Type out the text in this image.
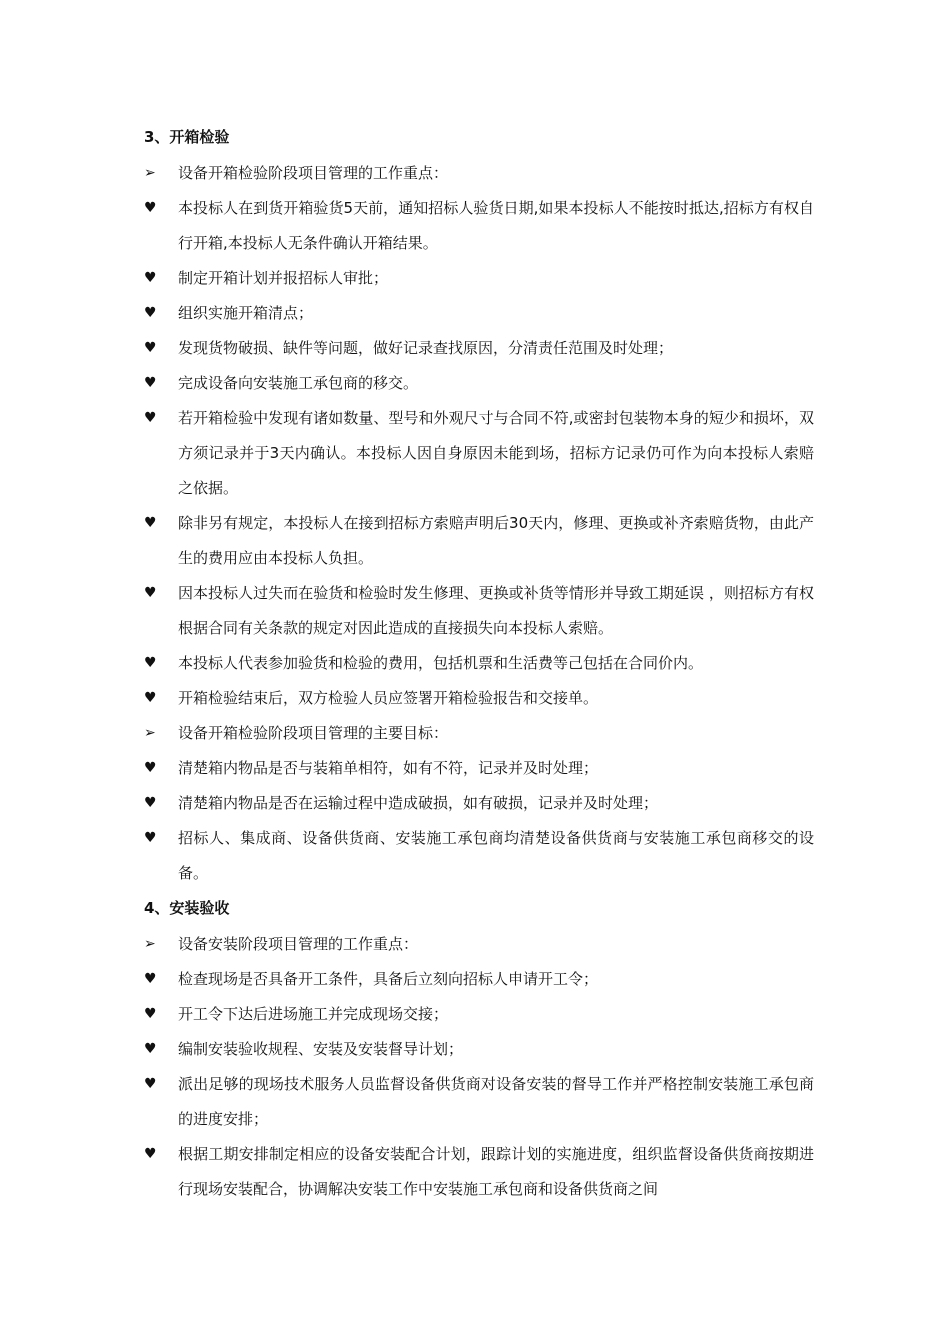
3、开箱检验
➢	设备开箱检验阶段项目管理的工作重点：
♥	本投标人在到货开箱验货5天前，通知招标人验货日期,如果本投标人不能按时抵达,招标方有权自行开箱,本投标人无条件确认开箱结果。
♥	制定开箱计划并报招标人审批；
♥	组织实施开箱清点；
♥	发现货物破损、缺件等问题，做好记录查找原因，分清责任范围及时处理；
♥	完成设备向安装施工承包商的移交。
♥	若开箱检验中发现有诸如数量、型号和外观尺寸与合同不符,或密封包装物本身的短少和损坏，双方须记录并于3天内确认。本投标人因自身原因未能到场，招标方记录仍可作为向本投标人索赔之依据。
♥	除非另有规定，本投标人在接到招标方索赔声明后30天内，修理、更换或补齐索赔货物，由此产生的费用应由本投标人负担。
♥	因本投标人过失而在验货和检验时发生修理、更换或补货等情形并导致工期延误 ，则招标方有权根据合同有关条款的规定对因此造成的直接损失向本投标人索赔。
♥	本投标人代表参加验货和检验的费用，包括机票和生活费等己包括在合同价内。
♥	开箱检验结束后，双方检验人员应签署开箱检验报告和交接单。
➢	设备开箱检验阶段项目管理的主要目标：
♥	清楚箱内物品是否与装箱单相符，如有不符，记录并及时处理；
♥	清楚箱内物品是否在运输过程中造成破损，如有破损，记录并及时处理；
♥	招标人、集成商、设备供货商、安装施工承包商均清楚设备供货商与安装施工承包商移交的设备。
4、安装验收
➢	设备安装阶段项目管理的工作重点：
♥	检查现场是否具备开工条件，具备后立刻向招标人申请开工令；
♥	开工令下达后进场施工并完成现场交接；
♥	编制安装验收规程、安装及安装督导计划；
♥	派出足够的现场技术服务人员监督设备供货商对设备安装的督导工作并严格控制安装施工承包商的进度安排；
♥	根据工期安排制定相应的设备安装配合计划，跟踪计划的实施进度，组织监督设备供货商按期进行现场安装配合，协调解决安装工作中安装施工承包商和设备供货商之间
